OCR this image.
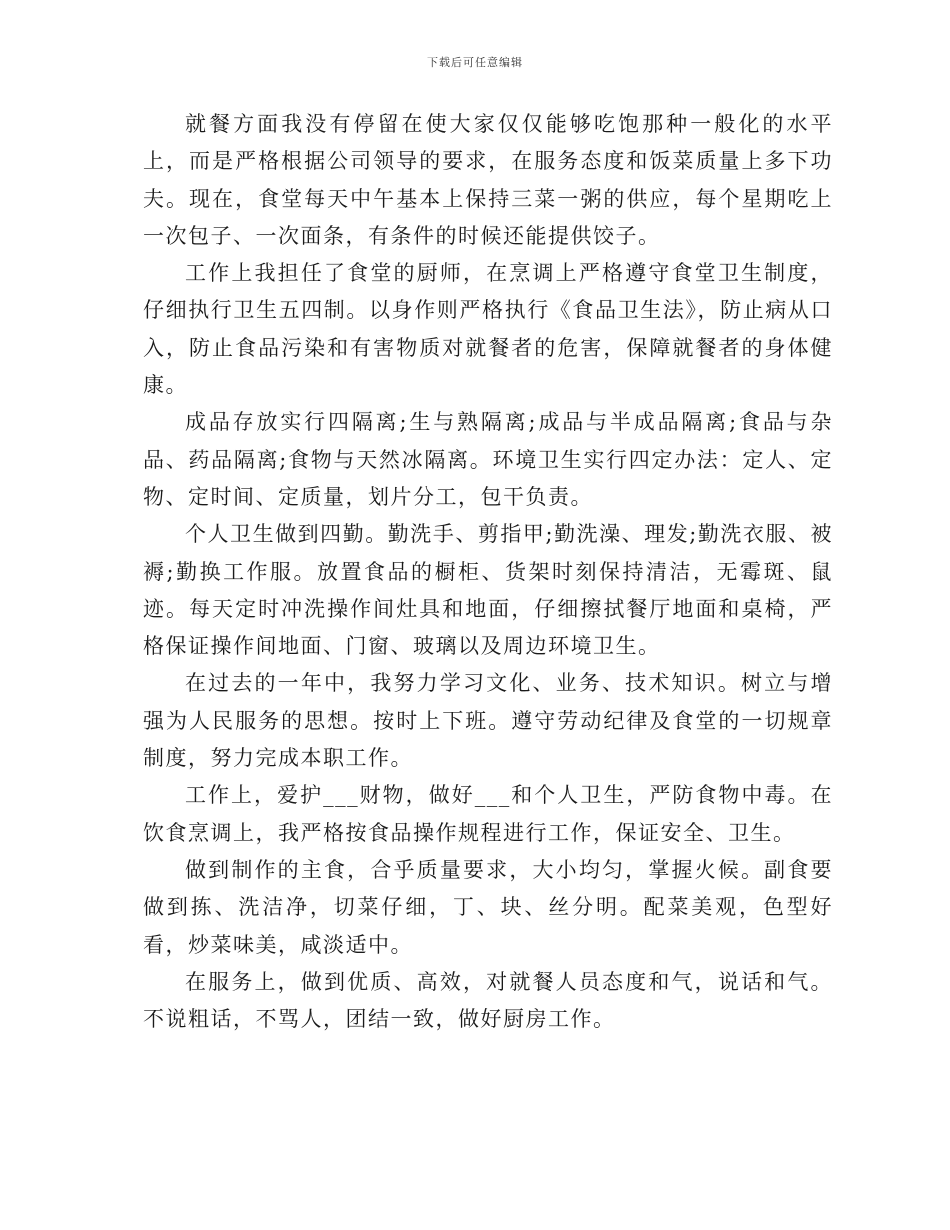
下载后可任意编辑

就餐方面我没有停留在使大家仅仅能够吃饱那种一般化的水平上，而是严格根据公司领导的要求，在服务态度和饭菜质量上多下功夫。现在，食堂每天中午基本上保持三菜一粥的供应，每个星期吃上一次包子、一次面条，有条件的时候还能提供饺子。

工作上我担任了食堂的厨师，在烹调上严格遵守食堂卫生制度，仔细执行卫生五四制。以身作则严格执行《食品卫生法》，防止病从口入，防止食品污染和有害物质对就餐者的危害，保障就餐者的身体健康。

成品存放实行四隔离;生与熟隔离;成品与半成品隔离;食品与杂品、药品隔离;食物与天然冰隔离。环境卫生实行四定办法：定人、定物、定时间、定质量，划片分工，包干负责。

个人卫生做到四勤。勤洗手、剪指甲;勤洗澡、理发;勤洗衣服、被褥;勤换工作服。放置食品的橱柜、货架时刻保持清洁，无霉斑、鼠迹。每天定时冲洗操作间灶具和地面，仔细擦拭餐厅地面和桌椅，严格保证操作间地面、门窗、玻璃以及周边环境卫生。

在过去的一年中，我努力学习文化、业务、技术知识。树立与增强为人民服务的思想。按时上下班。遵守劳动纪律及食堂的一切规章制度，努力完成本职工作。

工作上，爱护___财物，做好___和个人卫生，严防食物中毒。在饮食烹调上，我严格按食品操作规程进行工作，保证安全、卫生。

做到制作的主食，合乎质量要求，大小均匀，掌握火候。副食要做到拣、洗洁净，切菜仔细，丁、块、丝分明。配菜美观，色型好看，炒菜味美，咸淡适中。

在服务上，做到优质、高效，对就餐人员态度和气，说话和气。不说粗话，不骂人，团结一致，做好厨房工作。
